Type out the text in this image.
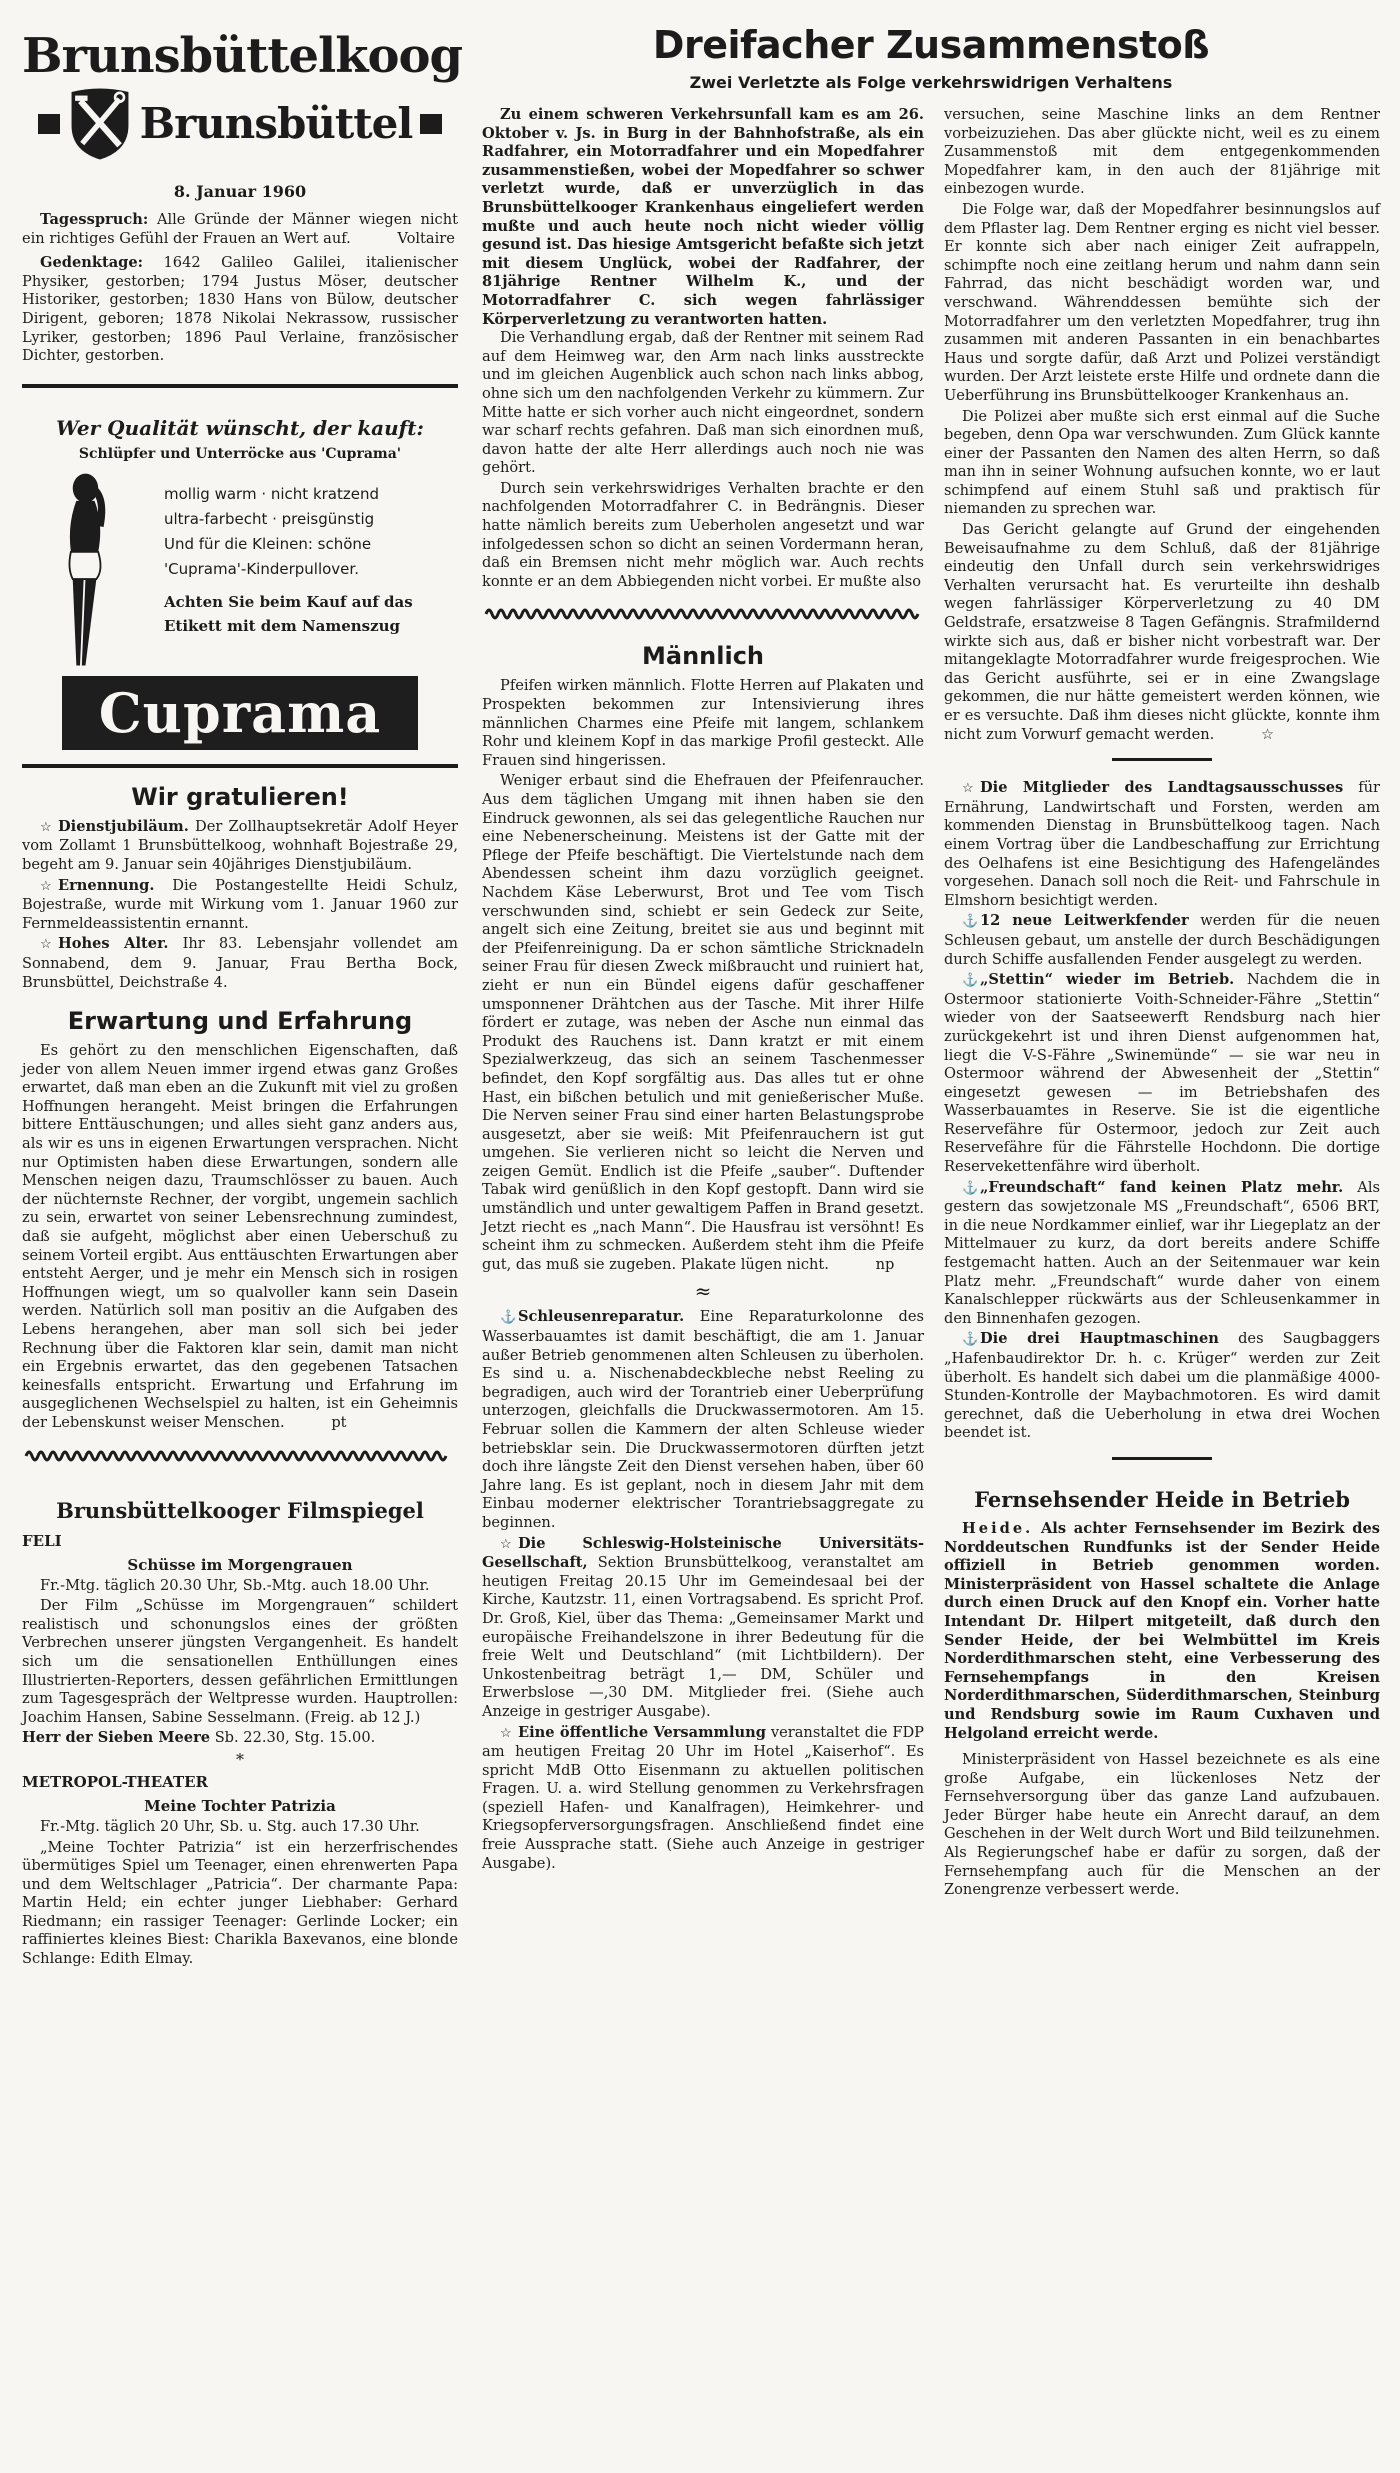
Brunsbüttelkoog
Brunsbüttel
8. Januar 1960

Tagesspruch: Alle Gründe der Männer wiegen nicht ein richtiges Gefühl der Frauen an Wert auf.	Voltaire

Gedenktage: 1642 Galileo Galilei, italienischer Physiker, gestorben; 1794 Justus Möser, deutscher Historiker, gestorben; 1830 Hans von Bülow, deutscher Dirigent, geboren; 1878 Nikolai Nekrassow, russischer Lyriker, gestorben; 1896 Paul Verlaine, französischer Dichter, gestorben.

Wer Qualität wünscht, der kauft:
Schlüpfer und Unterröcke aus 'Cuprama'
mollig warm · nicht kratzend
ultra-farbecht · preisgünstig
Und für die Kleinen: schöne
'Cuprama'-Kinderpullover.
Achten Sie beim Kauf auf das Etikett mit dem Namenszug
Cuprama
Wir gratulieren!

☆ Dienstjubiläum. Der Zollhauptsekretär Adolf Heyer vom Zollamt 1 Brunsbüttelkoog, wohnhaft Bojestraße 29, begeht am 9. Januar sein 40jähriges Dienstjubiläum.

☆ Ernennung. Die Postangestellte Heidi Schulz, Bojestraße, wurde mit Wirkung vom 1. Januar 1960 zur Fernmeldeassistentin ernannt.

☆ Hohes Alter. Ihr 83. Lebensjahr vollendet am Sonnabend, dem 9. Januar, Frau Bertha Bock, Brunsbüttel, Deichstraße 4.

Erwartung und Erfahrung

Es gehört zu den menschlichen Eigenschaften, daß jeder von allem Neuen immer irgend etwas ganz Großes erwartet, daß man eben an die Zukunft mit viel zu großen Hoffnungen herangeht. Meist bringen die Erfahrungen bittere Enttäuschungen; und alles sieht ganz anders aus, als wir es uns in eigenen Erwartungen versprachen. Nicht nur Optimisten haben diese Erwartungen, sondern alle Menschen neigen dazu, Traumschlösser zu bauen. Auch der nüchternste Rechner, der vorgibt, ungemein sachlich zu sein, erwartet von seiner Lebensrechnung zumindest, daß sie aufgeht, möglichst aber einen Ueberschuß zu seinem Vorteil ergibt. Aus enttäuschten Erwartungen aber entsteht Aerger, und je mehr ein Mensch sich in rosigen Hoffnungen wiegt, um so qualvoller kann sein Dasein werden. Natürlich soll man positiv an die Aufgaben des Lebens herangehen, aber man soll sich bei jeder Rechnung über die Faktoren klar sein, damit man nicht ein Ergebnis erwartet, das den gegebenen Tatsachen keinesfalls entspricht. Erwartung und Erfahrung im ausgeglichenen Wechselspiel zu halten, ist ein Geheimnis der Lebenskunst weiser Menschen.	pt

Brunsbüttelkooger Filmspiegel
FELI
Schüsse im Morgengrauen

Fr.-Mtg. täglich 20.30 Uhr, Sb.-Mtg. auch 18.00 Uhr.

Der Film „Schüsse im Morgengrauen“ schildert realistisch und schonungslos eines der größten Verbrechen unserer jüngsten Vergangenheit. Es handelt sich um die sensationellen Enthüllungen eines Illustrierten-Reporters, dessen gefährlichen Ermittlungen zum Tagesgespräch der Weltpresse wurden. Hauptrollen: Joachim Hansen, Sabine Sesselmann. (Freig. ab 12 J.)

Herr der Sieben Meere Sb. 22.30, Stg. 15.00.

*
METROPOL-THEATER
Meine Tochter Patrizia

Fr.-Mtg. täglich 20 Uhr, Sb. u. Stg. auch 17.30 Uhr.

„Meine Tochter Patrizia“ ist ein herzerfrischendes übermütiges Spiel um Teenager, einen ehrenwerten Papa und dem Weltschlager „Patricia“. Der charmante Papa: Martin Held; ein echter junger Liebhaber: Gerhard Riedmann; ein rassiger Teenager: Gerlinde Locker; ein raffiniertes kleines Biest: Charikla Baxevanos, eine blonde Schlange: Edith Elmay.

Dreifacher Zusammenstoß
Zwei Verletzte als Folge verkehrswidrigen Verhaltens

Zu einem schweren Verkehrsunfall kam es am 26. Oktober v. Js. in Burg in der Bahnhofstraße, als ein Radfahrer, ein Motorradfahrer und ein Mopedfahrer zusammenstießen, wobei der Mopedfahrer so schwer verletzt wurde, daß er unverzüglich in das Brunsbüttelkooger Krankenhaus eingeliefert werden mußte und auch heute noch nicht wieder völlig gesund ist. Das hiesige Amtsgericht befaßte sich jetzt mit diesem Unglück, wobei der Radfahrer, der 81jährige Rentner Wilhelm K., und der Motorradfahrer C. sich wegen fahrlässiger Körperverletzung zu verantworten hatten.

Die Verhandlung ergab, daß der Rentner mit seinem Rad auf dem Heimweg war, den Arm nach links ausstreckte und im gleichen Augenblick auch schon nach links abbog, ohne sich um den nachfolgenden Verkehr zu kümmern. Zur Mitte hatte er sich vorher auch nicht eingeordnet, sondern war scharf rechts gefahren. Daß man sich einordnen muß, davon hatte der alte Herr allerdings auch noch nie was gehört.

Durch sein verkehrswidriges Verhalten brachte er den nachfolgenden Motorradfahrer C. in Bedrängnis. Dieser hatte nämlich bereits zum Ueberholen angesetzt und war infolgedessen schon so dicht an seinen Vordermann heran, daß ein Bremsen nicht mehr möglich war. Auch rechts konnte er an dem Abbiegenden nicht vorbei. Er mußte also

Männlich

Pfeifen wirken männlich. Flotte Herren auf Plakaten und Prospekten bekommen zur Intensivierung ihres männlichen Charmes eine Pfeife mit langem, schlankem Rohr und kleinem Kopf in das markige Profil gesteckt. Alle Frauen sind hingerissen.

Weniger erbaut sind die Ehefrauen der Pfeifenraucher. Aus dem täglichen Umgang mit ihnen haben sie den Eindruck gewonnen, als sei das gelegentliche Rauchen nur eine Nebenerscheinung. Meistens ist der Gatte mit der Pflege der Pfeife beschäftigt. Die Viertelstunde nach dem Abendessen scheint ihm dazu vorzüglich geeignet. Nachdem Käse Leberwurst, Brot und Tee vom Tisch verschwunden sind, schiebt er sein Gedeck zur Seite, angelt sich eine Zeitung, breitet sie aus und beginnt mit der Pfeifenreinigung. Da er schon sämtliche Stricknadeln seiner Frau für diesen Zweck mißbraucht und ruiniert hat, zieht er nun ein Bündel eigens dafür geschaffener umsponnener Drähtchen aus der Tasche. Mit ihrer Hilfe fördert er zutage, was neben der Asche nun einmal das Produkt des Rauchens ist. Dann kratzt er mit einem Spezialwerkzeug, das sich an seinem Taschenmesser befindet, den Kopf sorgfältig aus. Das alles tut er ohne Hast, ein bißchen betulich und mit genießerischer Muße. Die Nerven seiner Frau sind einer harten Belastungsprobe ausgesetzt, aber sie weiß: Mit Pfeifenrauchern ist gut umgehen. Sie verlieren nicht so leicht die Nerven und zeigen Gemüt. Endlich ist die Pfeife „sauber“. Duftender Tabak wird genüßlich in den Kopf gestopft. Dann wird sie umständlich und unter gewaltigem Paffen in Brand gesetzt. Jetzt riecht es „nach Mann“. Die Hausfrau ist versöhnt! Es scheint ihm zu schmecken. Außerdem steht ihm die Pfeife gut, das muß sie zugeben. Plakate lügen nicht.	np

≈

⚓ Schleusenreparatur. Eine Reparaturkolonne des Wasserbauamtes ist damit beschäftigt, die am 1. Januar außer Betrieb genommenen alten Schleusen zu überholen. Es sind u. a. Nischenabdeckbleche nebst Reeling zu begradigen, auch wird der Torantrieb einer Ueberprüfung unterzogen, gleichfalls die Druckwassermotoren. Am 15. Februar sollen die Kammern der alten Schleuse wieder betriebsklar sein. Die Druckwassermotoren dürften jetzt doch ihre längste Zeit den Dienst versehen haben, über 60 Jahre lang. Es ist geplant, noch in diesem Jahr mit dem Einbau moderner elektrischer Torantriebsaggregate zu beginnen.

☆ Die Schleswig-Holsteinische Universitäts-Gesellschaft, Sektion Brunsbüttelkoog, veranstaltet am heutigen Freitag 20.15 Uhr im Gemeindesaal bei der Kirche, Kautzstr. 11, einen Vortragsabend. Es spricht Prof. Dr. Groß, Kiel, über das Thema: „Gemeinsamer Markt und europäische Freihandelszone in ihrer Bedeutung für die freie Welt und Deutschland“ (mit Lichtbildern). Der Unkostenbeitrag beträgt 1,— DM, Schüler und Erwerbslose —,30 DM. Mitglieder frei. (Siehe auch Anzeige in gestriger Ausgabe).

☆ Eine öffentliche Versammlung veranstaltet die FDP am heutigen Freitag 20 Uhr im Hotel „Kaiserhof“. Es spricht MdB Otto Eisenmann zu aktuellen politischen Fragen. U. a. wird Stellung genommen zu Verkehrsfragen (speziell Hafen- und Kanalfragen), Heimkehrer- und Kriegsopferversorgungsfragen. Anschließend findet eine freie Aussprache statt. (Siehe auch Anzeige in gestriger Ausgabe).

versuchen, seine Maschine links an dem Rentner vorbeizuziehen. Das aber glückte nicht, weil es zu einem Zusammenstoß mit dem entgegenkommenden Mopedfahrer kam, in den auch der 81jährige mit einbezogen wurde.

Die Folge war, daß der Mopedfahrer besinnungslos auf dem Pflaster lag. Dem Rentner erging es nicht viel besser. Er konnte sich aber nach einiger Zeit aufrappeln, schimpfte noch eine zeitlang herum und nahm dann sein Fahrrad, das nicht beschädigt worden war, und verschwand. Währenddessen bemühte sich der Motorradfahrer um den verletzten Mopedfahrer, trug ihn zusammen mit anderen Passanten in ein benachbartes Haus und sorgte dafür, daß Arzt und Polizei verständigt wurden. Der Arzt leistete erste Hilfe und ordnete dann die Ueberführung ins Brunsbüttelkooger Krankenhaus an.

Die Polizei aber mußte sich erst einmal auf die Suche begeben, denn Opa war verschwunden. Zum Glück kannte einer der Passanten den Namen des alten Herrn, so daß man ihn in seiner Wohnung aufsuchen konnte, wo er laut schimpfend auf einem Stuhl saß und praktisch für niemanden zu sprechen war.

Das Gericht gelangte auf Grund der eingehenden Beweisaufnahme zu dem Schluß, daß der 81jährige eindeutig den Unfall durch sein verkehrswidriges Verhalten verursacht hat. Es verurteilte ihn deshalb wegen fahrlässiger Körperverletzung zu 40 DM Geldstrafe, ersatzweise 8 Tagen Gefängnis. Strafmildernd wirkte sich aus, daß er bisher nicht vorbestraft war. Der mitangeklagte Motorradfahrer wurde freigesprochen. Wie das Gericht ausführte, sei er in eine Zwangslage gekommen, die nur hätte gemeistert werden können, wie er es versuchte. Daß ihm dieses nicht glückte, konnte ihm nicht zum Vorwurf gemacht werden.	☆

☆ Die Mitglieder des Landtagsausschusses für Ernährung, Landwirtschaft und Forsten, werden am kommenden Dienstag in Brunsbüttelkoog tagen. Nach einem Vortrag über die Landbeschaffung zur Errichtung des Oelhafens ist eine Besichtigung des Hafengeländes vorgesehen. Danach soll noch die Reit- und Fahrschule in Elmshorn besichtigt werden.

⚓ 12 neue Leitwerkfender werden für die neuen Schleusen gebaut, um anstelle der durch Beschädigungen durch Schiffe ausfallenden Fender ausgelegt zu werden.

⚓ „Stettin“ wieder im Betrieb. Nachdem die in Ostermoor stationierte Voith-Schneider-Fähre „Stettin“ wieder von der Saatseewerft Rendsburg nach hier zurückgekehrt ist und ihren Dienst aufgenommen hat, liegt die V-S-Fähre „Swinemünde“ — sie war neu in Ostermoor während der Abwesenheit der „Stettin“ eingesetzt gewesen — im Betriebshafen des Wasserbauamtes in Reserve. Sie ist die eigentliche Reservefähre für Ostermoor, jedoch zur Zeit auch Reservefähre für die Fährstelle Hochdonn. Die dortige Reservekettenfähre wird überholt.

⚓ „Freundschaft“ fand keinen Platz mehr. Als gestern das sowjetzonale MS „Freundschaft“, 6506 BRT, in die neue Nordkammer einlief, war ihr Liegeplatz an der Mittelmauer zu kurz, da dort bereits andere Schiffe festgemacht hatten. Auch an der Seitenmauer war kein Platz mehr. „Freundschaft“ wurde daher von einem Kanalschlepper rückwärts aus der Schleusenkammer in den Binnenhafen gezogen.

⚓ Die drei Hauptmaschinen des Saugbaggers „Hafenbaudirektor Dr. h. c. Krüger“ werden zur Zeit überholt. Es handelt sich dabei um die planmäßige 4000-Stunden-Kontrolle der Maybachmotoren. Es wird damit gerechnet, daß die Ueberholung in etwa drei Wochen beendet ist.

Fernsehsender Heide in Betrieb

Heide. Als achter Fernsehsender im Bezirk des Norddeutschen Rundfunks ist der Sender Heide offiziell in Betrieb genommen worden. Ministerpräsident von Hassel schaltete die Anlage durch einen Druck auf den Knopf ein. Vorher hatte Intendant Dr. Hilpert mitgeteilt, daß durch den Sender Heide, der bei Welmbüttel im Kreis Norderdithmarschen steht, eine Verbesserung des Fernsehempfangs in den Kreisen Norderdithmarschen, Süderdithmarschen, Steinburg und Rendsburg sowie im Raum Cuxhaven und Helgoland erreicht werde.

Ministerpräsident von Hassel bezeichnete es als eine große Aufgabe, ein lückenloses Netz der Fernsehversorgung über das ganze Land aufzubauen. Jeder Bürger habe heute ein Anrecht darauf, an dem Geschehen in der Welt durch Wort und Bild teilzunehmen. Als Regierungschef habe er dafür zu sorgen, daß der Fernsehempfang auch für die Menschen an der Zonengrenze verbessert werde.
